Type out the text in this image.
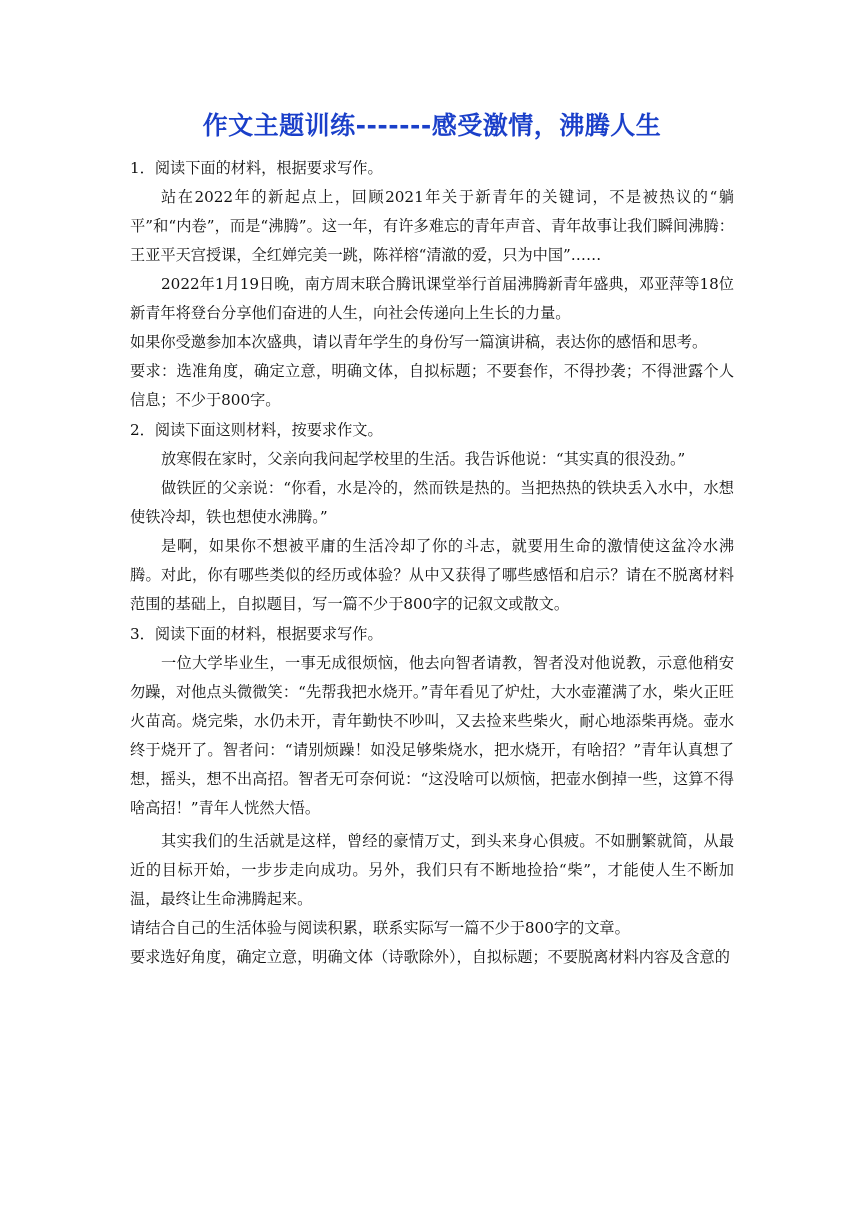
作文主题训练-------感受激情，沸腾人生

1．阅读下面的材料，根据要求写作。

站在2022年的新起点上，回顾2021年关于新青年的关键词，不是被热议的“躺平”和“内卷”，而是“沸腾”。这一年，有许多难忘的青年声音、青年故事让我们瞬间沸腾：王亚平天宫授课，全红婵完美一跳，陈祥榕“清澈的爱，只为中国”……

2022年1月19日晚，南方周末联合腾讯课堂举行首届沸腾新青年盛典，邓亚萍等18位新青年将登台分享他们奋进的人生，向社会传递向上生长的力量。

如果你受邀参加本次盛典，请以青年学生的身份写一篇演讲稿，表达你的感悟和思考。

要求：选准角度，确定立意，明确文体，自拟标题；不要套作，不得抄袭；不得泄露个人信息；不少于800字。

2．阅读下面这则材料，按要求作文。

放寒假在家时，父亲向我问起学校里的生活。我告诉他说：“其实真的很没劲。”

做铁匠的父亲说：“你看，水是冷的，然而铁是热的。当把热热的铁块丢入水中，水想使铁冷却，铁也想使水沸腾。”

是啊，如果你不想被平庸的生活冷却了你的斗志，就要用生命的激情使这盆冷水沸腾。对此，你有哪些类似的经历或体验？从中又获得了哪些感悟和启示？请在不脱离材料范围的基础上，自拟题目，写一篇不少于800字的记叙文或散文。

3．阅读下面的材料，根据要求写作。

一位大学毕业生，一事无成很烦恼，他去向智者请教，智者没对他说教，示意他稍安勿躁，对他点头微微笑：“先帮我把水烧开。”青年看见了炉灶，大水壶灌满了水，柴火正旺火苗高。烧完柴，水仍未开，青年勤快不吵叫，又去捡来些柴火，耐心地添柴再烧。壶水终于烧开了。智者问：“请别烦躁！如没足够柴烧水，把水烧开，有啥招？”青年认真想了想，摇头，想不出高招。智者无可奈何说：“这没啥可以烦恼，把壶水倒掉一些，这算不得啥高招！”青年人恍然大悟。

其实我们的生活就是这样，曾经的豪情万丈，到头来身心俱疲。不如删繁就简，从最近的目标开始，一步步走向成功。另外，我们只有不断地捡拾“柴”，才能使人生不断加温，最终让生命沸腾起来。

请结合自己的生活体验与阅读积累，联系实际写一篇不少于800字的文章。

要求选好角度，确定立意，明确文体（诗歌除外），自拟标题；不要脱离材料内容及含意的
